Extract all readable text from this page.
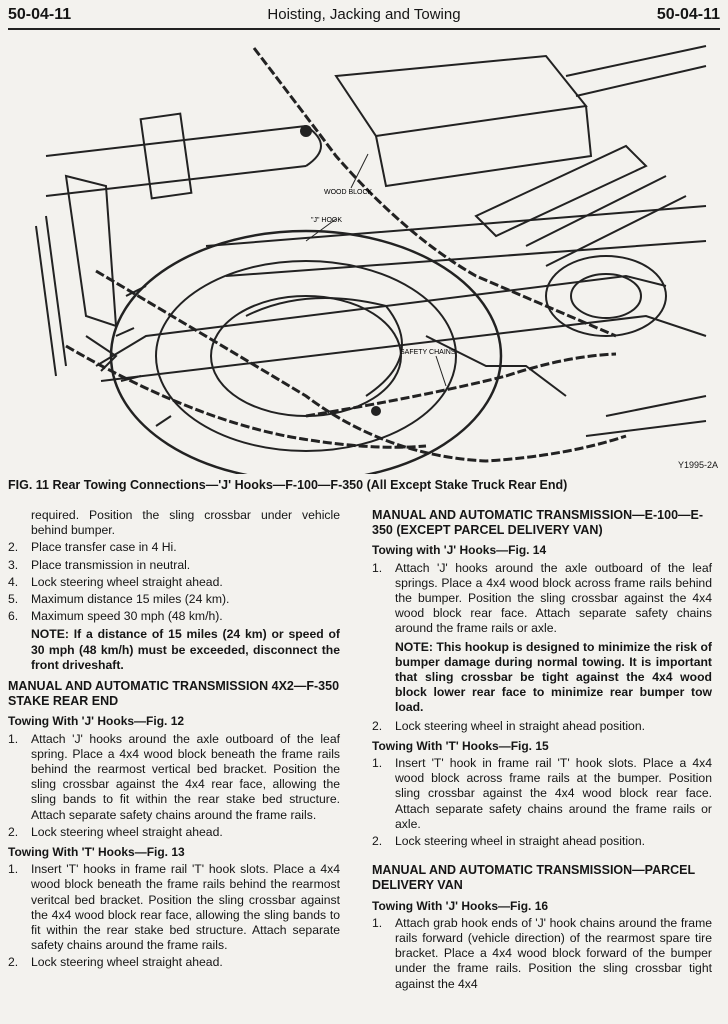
50-04-11	Hoisting, Jacking and Towing	50-04-11
WOOD BLOCK
"J" HOOK
SAFETY CHAINS
Y1995-2A
FIG. 11 Rear Towing Connections—'J' Hooks—F-100—F-350 (All Except Stake Truck Rear End)
required. Position the sling crossbar under vehicle behind bumper.
2. Place transfer case in 4 Hi.
3. Place transmission in neutral.
4. Lock steering wheel straight ahead.
5. Maximum distance 15 miles (24 km).
6. Maximum speed 30 mph (48 km/h).
NOTE: If a distance of 15 miles (24 km) or speed of 30 mph (48 km/h) must be exceeded, disconnect the front driveshaft.
MANUAL AND AUTOMATIC TRANSMISSION 4X2—F-350 STAKE REAR END
Towing With 'J' Hooks—Fig. 12
1. Attach 'J' hooks around the axle outboard of the leaf spring. Place a 4x4 wood block beneath the frame rails behind the rearmost vertical bed bracket. Position the sling crossbar against the 4x4 rear face, allowing the sling bands to fit within the rear stake bed structure. Attach separate safety chains around the frame rails.
2. Lock steering wheel straight ahead.
Towing With 'T' Hooks—Fig. 13
1. Insert 'T' hooks in frame rail 'T' hook slots. Place a 4x4 wood block beneath the frame rails behind the rearmost veritcal bed bracket. Position the sling crossbar against the 4x4 wood block rear face, allowing the sling bands to fit within the rear stake bed structure. Attach separate safety chains around the frame rails.
2. Lock steering wheel straight ahead.
MANUAL AND AUTOMATIC TRANSMISSION—E-100—E-350 (EXCEPT PARCEL DELIVERY VAN)
Towing with 'J' Hooks—Fig. 14
1. Attach 'J' hooks around the axle outboard of the leaf springs. Place a 4x4 wood block across frame rails behind the bumper. Position the sling crossbar against the 4x4 wood block rear face. Attach separate safety chains around the frame rails or axle.
NOTE: This hookup is designed to minimize the risk of bumper damage during normal towing. It is important that sling crossbar be tight against the 4x4 wood block lower rear face to minimize rear bumper tow load.
2. Lock steering wheel in straight ahead position.
Towing With 'T' Hooks—Fig. 15
1. Insert 'T' hook in frame rail 'T' hook slots. Place a 4x4 wood block across frame rails at the bumper. Position sling crossbar against the 4x4 wood block rear face. Attach separate safety chains around the frame rails or axle.
2. Lock steering wheel in straight ahead position.
MANUAL AND AUTOMATIC TRANSMISSION—PARCEL DELIVERY VAN
Towing With 'J' Hooks—Fig. 16
1. Attach grab hook ends of 'J' hook chains around the frame rails forward (vehicle direction) of the rearmost spare tire bracket. Place a 4x4 wood block forward of the bumper under the frame rails. Position the sling crossbar tight against the 4x4
